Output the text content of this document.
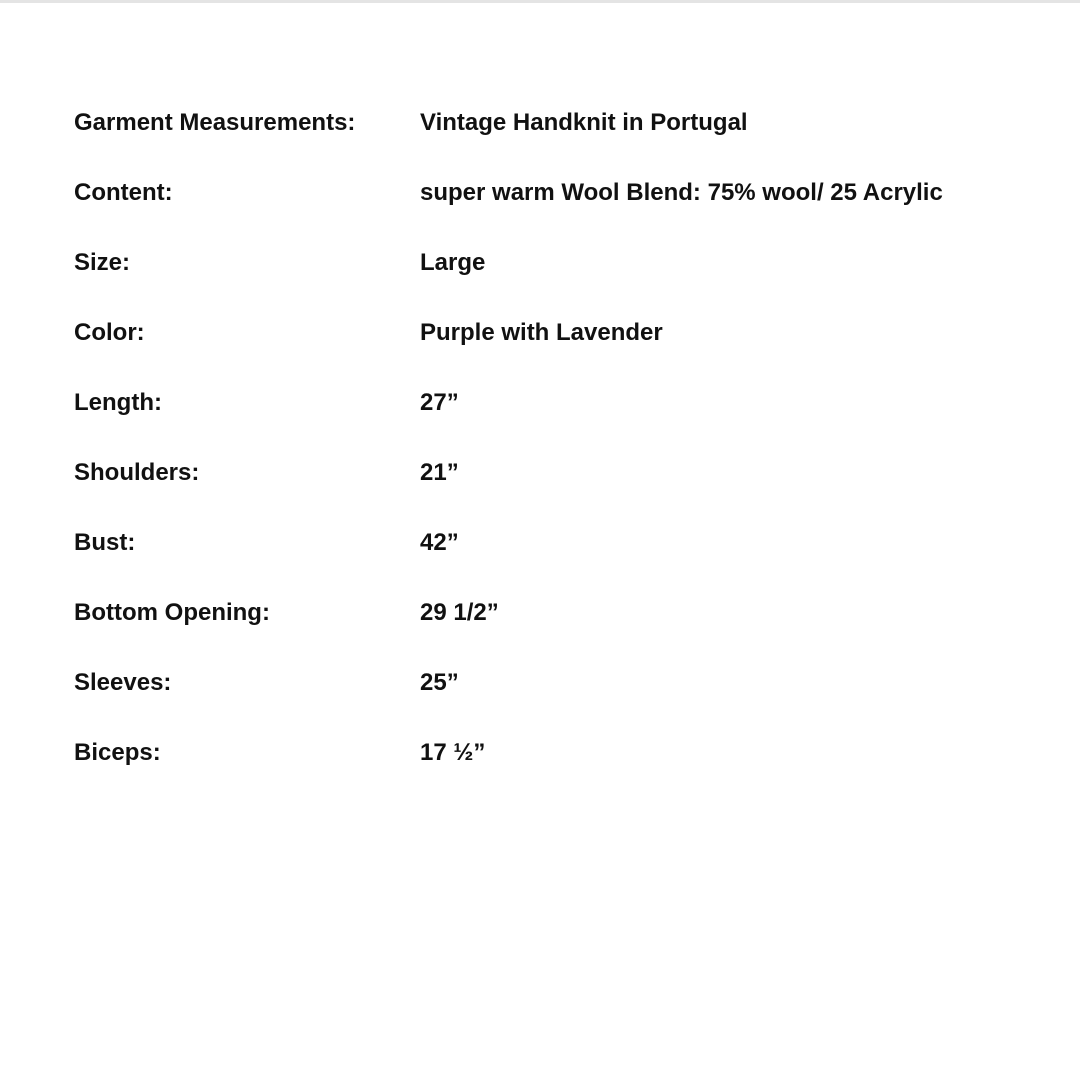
Garment Measurements:	Vintage Handknit in Portugal
Content:	super warm Wool Blend: 75% wool/ 25 Acrylic
Size:	Large
Color:	Purple with Lavender
Length:	27”
Shoulders:	21”
Bust:	42”
Bottom Opening:	29 1/2”
Sleeves:	25”
Biceps:	17 ½”
